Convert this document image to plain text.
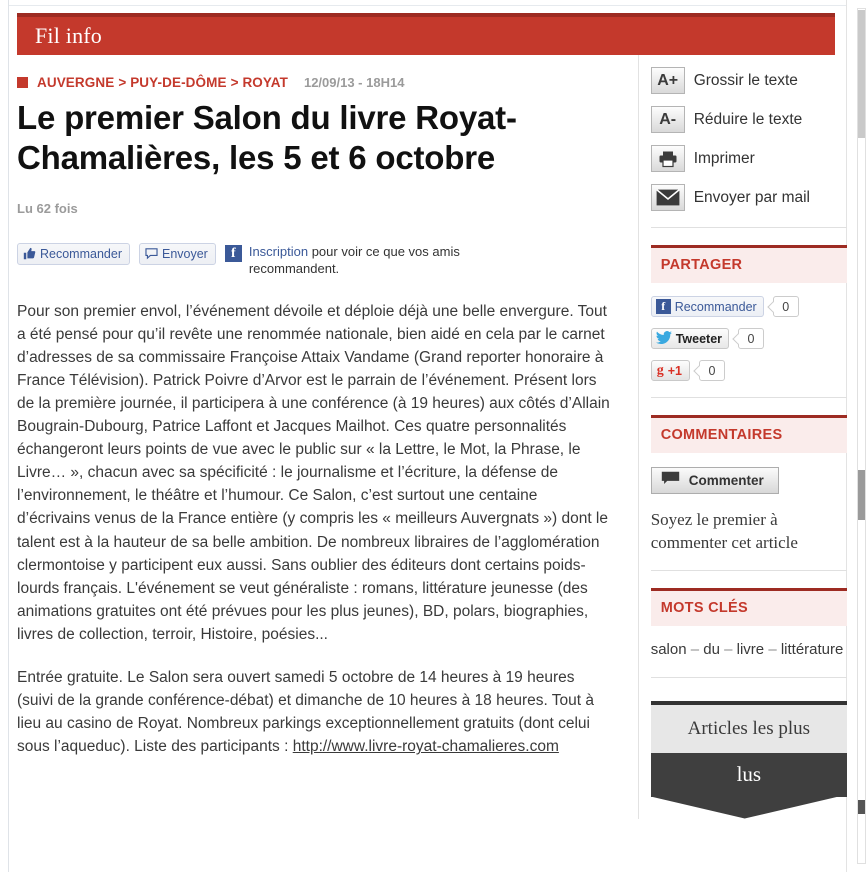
Fil info
AUVERGNE > PUY-DE-DÔME > ROYAT 12/09/13 - 18H14
Le premier Salon du livre Royat-Chamalières, les 5 et 6 octobre
Lu 62 fois
Recommander	Envoyer	f	Inscription pour voir ce que vos amis recommandent.

Pour son premier envol, l’événement dévoile et déploie déjà une belle envergure. Tout a été pensé pour qu’il revête une renommée nationale, bien aidé en cela par le carnet d’adresses de sa commissaire Françoise Attaix Vandame (Grand reporter honoraire à France Télévision). Patrick Poivre d’Arvor est le parrain de l’événement. Présent lors de la première journée, il participera à une conférence (à 19 heures) aux côtés d’Allain Bougrain-Dubourg, Patrice Laffont et Jacques Mailhot. Ces quatre personnalités échangeront leurs points de vue avec le public sur « la Lettre, le Mot, la Phrase, le Livre… », chacun avec sa spécificité : le journalisme et l’écriture, la défense de l’environnement, le théâtre et l’humour. Ce Salon, c’est surtout une centaine d’écrivains venus de la France entière (y compris les « meilleurs Auvergnats ») dont le talent est à la hauteur de sa belle ambition. De nombreux libraires de l’agglomération clermontoise y participent eux aussi. Sans oublier des éditeurs dont certains poids-lourds français. L'événement se veut généraliste : romans, littérature jeunesse (des animations gratuites ont été prévues pour les plus jeunes), BD, polars, biographies, livres de collection, terroir, Histoire, poésies...

Entrée gratuite. Le Salon sera ouvert samedi 5 octobre de 14 heures à 19 heures (suivi de la grande conférence-débat) et dimanche de 10 heures à 18 heures. Tout à lieu au casino de Royat. Nombreux parkings exceptionnellement gratuits (dont celui sous l’aqueduc). Liste des participants : http://www.livre-royat-chamalieres.com

A+ Grossir le texte
A- Réduire le texte
Imprimer
Envoyer par mail
PARTAGER
f Recommander	0
Tweeter	0
g +1	0
COMMENTAIRES
Commenter
Soyez le premier à commenter cet article
MOTS CLÉS
salon – du – livre – littérature
Articles les plus
lus
